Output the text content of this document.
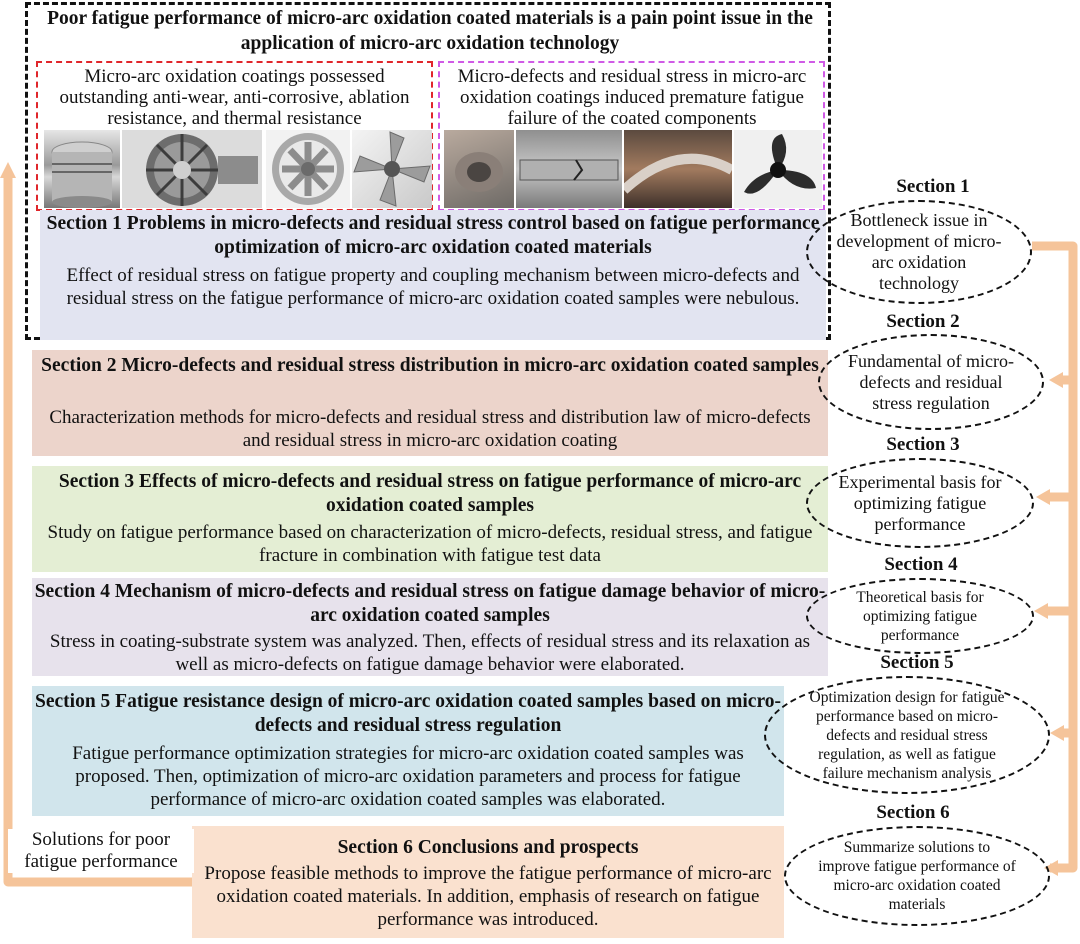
Poor fatigue performance of micro-arc oxidation coated materials is a pain point issue in the application of micro-arc oxidation technology
Micro-arc oxidation coatings possessed outstanding anti-wear, anti-corrosive, ablation resistance, and thermal resistance
Micro-defects and residual stress in micro-arc oxidation coatings induced premature fatigue failure of the coated components
Section 1 Problems in micro-defects and residual stress control based on fatigue performance optimization of micro-arc oxidation coated materials
Effect of residual stress on fatigue property and coupling mechanism between micro-defects and residual stress on the fatigue performance of micro-arc oxidation coated samples were nebulous.
Section 2 Micro-defects and residual stress distribution in micro-arc oxidation coated samples
Characterization methods for micro-defects and residual stress and distribution law of micro-defects and residual stress in micro-arc oxidation coating
Section 3 Effects of micro-defects and residual stress on fatigue performance of micro-arc oxidation coated samples
Study on fatigue performance based on characterization of micro-defects, residual stress, and fatigue fracture in combination with fatigue test data
Section 4 Mechanism of micro-defects and residual stress on fatigue damage behavior of micro-arc oxidation coated samples
Stress in coating-substrate system was analyzed. Then, effects of residual stress and its relaxation as well as micro-defects on fatigue damage behavior were elaborated.
Section 5 Fatigue resistance design of micro-arc oxidation coated samples based on micro-defects and residual stress regulation
Fatigue performance optimization strategies for micro-arc oxidation coated samples was proposed. Then, optimization of micro-arc oxidation parameters and process for fatigue performance of micro-arc oxidation coated samples was elaborated.
Section 6 Conclusions and prospects
Propose feasible methods to improve the fatigue performance of micro-arc oxidation coated materials. In addition, emphasis of research on fatigue performance was introduced.
Solutions for poor fatigue performance
Section 1
Bottleneck issue in development of micro-arc oxidation technology
Section 2
Fundamental of micro-defects and residual stress regulation
Section 3
Experimental basis for optimizing fatigue performance
Section 4
Theoretical basis for optimizing fatigue performance
Section 5
Optimization design for fatigue performance based on micro-defects and residual stress regulation, as well as fatigue failure mechanism analysis
Section 6
Summarize solutions to improve fatigue performance of micro-arc oxidation coated materials
